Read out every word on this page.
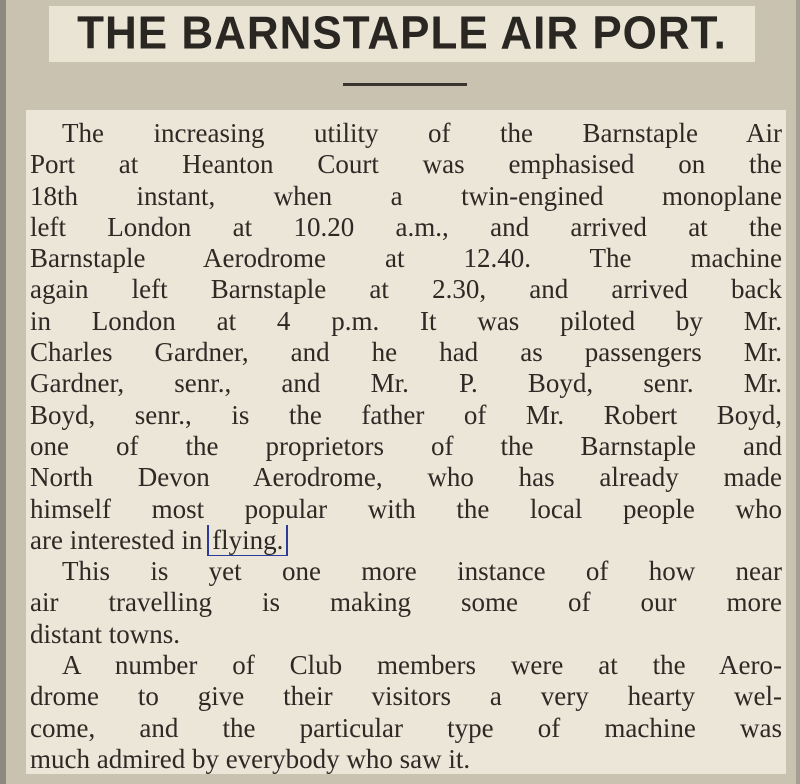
THE BARNSTAPLE AIR PORT.
The increasing utility of the Barnstaple Air
Port at Heanton Court was emphasised on the
18th instant, when a twin-engined monoplane
left London at 10.20 a.m., and arrived at the
Barnstaple Aerodrome at 12.40. The machine
again left Barnstaple at 2.30, and arrived back
in London at 4 p.m. It was piloted by Mr.
Charles Gardner, and he had as passengers Mr.
Gardner, senr., and Mr. P. Boyd, senr. Mr.
Boyd, senr., is the father of Mr. Robert Boyd,
one of the proprietors of the Barnstaple and
North Devon Aerodrome, who has already made
himself most popular with the local people who
are interested in flying.
This is yet one more instance of how near
air travelling is making some of our more
distant towns.
A number of Club members were at the Aero-
drome to give their visitors a very hearty wel-
come, and the particular type of machine was
much admired by everybody who saw it.
